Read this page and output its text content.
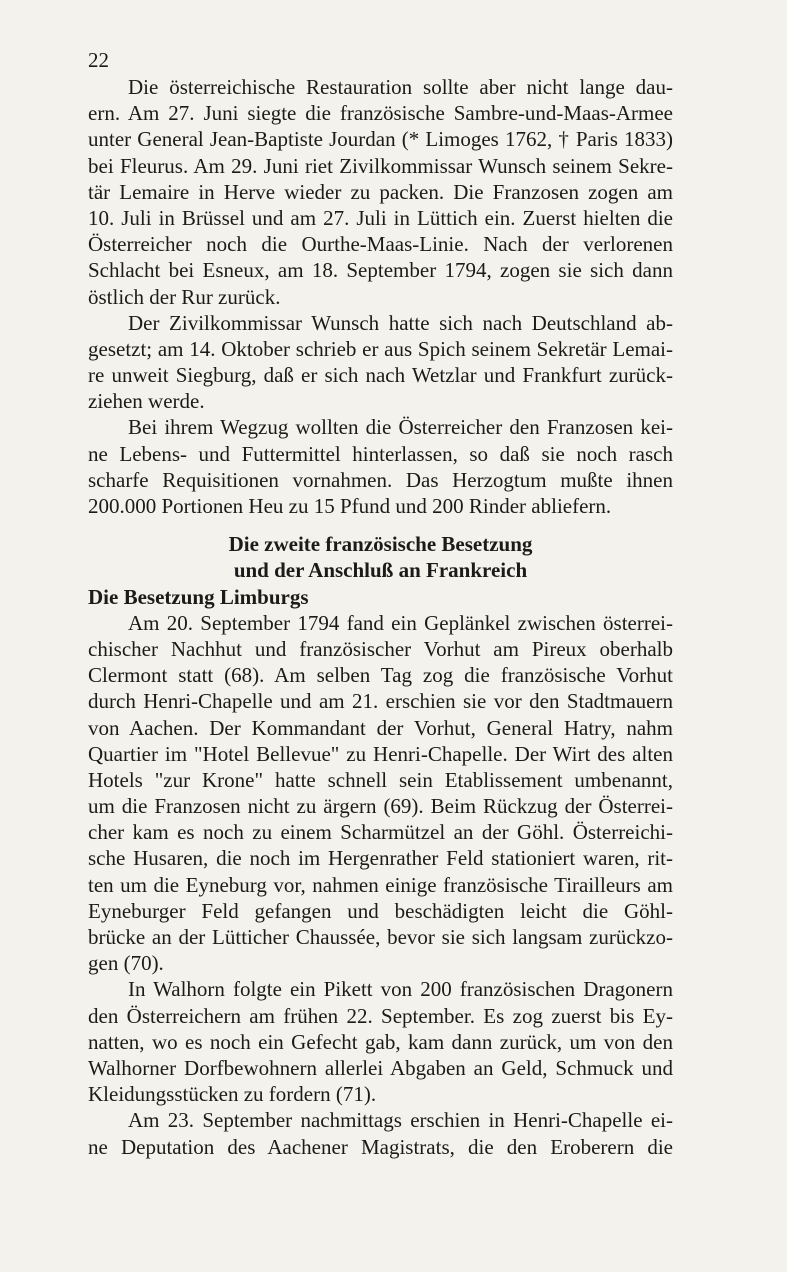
22
Die österreichische Restauration sollte aber nicht lange dau-
ern. Am 27. Juni siegte die französische Sambre-und-Maas-Armee
unter General Jean-Baptiste Jourdan (* Limoges 1762, † Paris 1833)
bei Fleurus. Am 29. Juni riet Zivilkommissar Wunsch seinem Sekre-
tär Lemaire in Herve wieder zu packen. Die Franzosen zogen am
10. Juli in Brüssel und am 27. Juli in Lüttich ein. Zuerst hielten die
Österreicher noch die Ourthe-Maas-Linie. Nach der verlorenen
Schlacht bei Esneux, am 18. September 1794, zogen sie sich dann
östlich der Rur zurück.
Der Zivilkommissar Wunsch hatte sich nach Deutschland ab-
gesetzt; am 14. Oktober schrieb er aus Spich seinem Sekretär Lemai-
re unweit Siegburg, daß er sich nach Wetzlar und Frankfurt zurück-
ziehen werde.
Bei ihrem Wegzug wollten die Österreicher den Franzosen kei-
ne Lebens- und Futtermittel hinterlassen, so daß sie noch rasch
scharfe Requisitionen vornahmen. Das Herzogtum mußte ihnen
200.000 Portionen Heu zu 15 Pfund und 200 Rinder abliefern.
Die zweite französische Besetzung
und der Anschluß an Frankreich
Die Besetzung Limburgs
Am 20. September 1794 fand ein Geplänkel zwischen österrei-
chischer Nachhut und französischer Vorhut am Pireux oberhalb
Clermont statt (68). Am selben Tag zog die französische Vorhut
durch Henri-Chapelle und am 21. erschien sie vor den Stadtmauern
von Aachen. Der Kommandant der Vorhut, General Hatry, nahm
Quartier im "Hotel Bellevue" zu Henri-Chapelle. Der Wirt des alten
Hotels "zur Krone" hatte schnell sein Etablissement umbenannt,
um die Franzosen nicht zu ärgern (69). Beim Rückzug der Österrei-
cher kam es noch zu einem Scharmützel an der Göhl. Österreichi-
sche Husaren, die noch im Hergenrather Feld stationiert waren, rit-
ten um die Eyneburg vor, nahmen einige französische Tirailleurs am
Eyneburger Feld gefangen und beschädigten leicht die Göhl-
brücke an der Lütticher Chaussée, bevor sie sich langsam zurückzo-
gen (70).
In Walhorn folgte ein Pikett von 200 französischen Dragonern
den Österreichern am frühen 22. September. Es zog zuerst bis Ey-
natten, wo es noch ein Gefecht gab, kam dann zurück, um von den
Walhorner Dorfbewohnern allerlei Abgaben an Geld, Schmuck und
Kleidungsstücken zu fordern (71).
Am 23. September nachmittags erschien in Henri-Chapelle ei-
ne Deputation des Aachener Magistrats, die den Eroberern die
